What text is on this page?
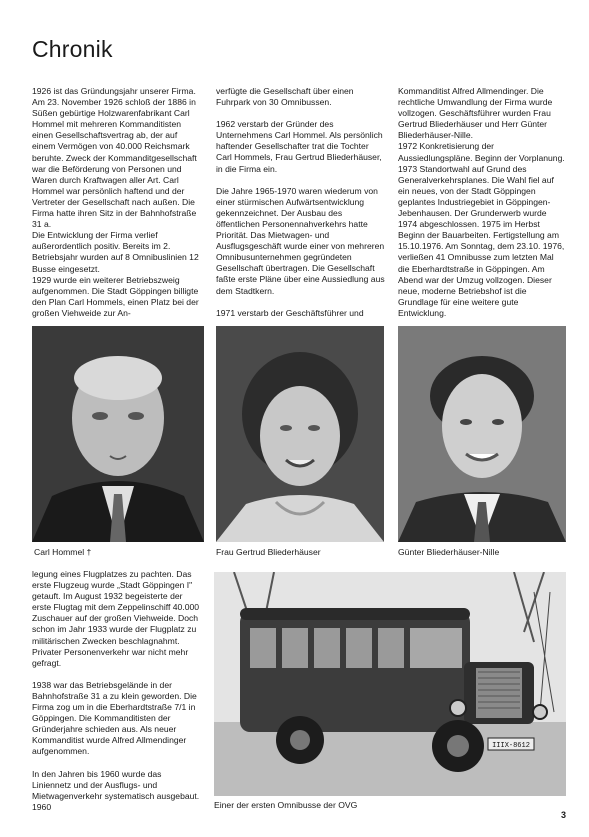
Chronik

1926 ist das Gründungsjahr unserer Firma. Am 23. November 1926 schloß der 1886 in Süßen gebürtige Holzwarenfabrikant Carl Hommel mit mehreren Kommanditisten einen Gesellschaftsvertrag ab, der auf einem Vermögen von 40.000 Reichsmark beruhte. Zweck der Kommanditgesellschaft war die Beförderung von Personen und Waren durch Kraftwagen aller Art. Carl Hommel war persönlich haftend und der Vertreter der Gesellschaft nach außen. Die Firma hatte ihren Sitz in der Bahnhofstraße 31 a.
Die Entwicklung der Firma verlief außerordentlich positiv. Bereits im 2. Betriebsjahr wurden auf 8 Omnibuslinien 12 Busse eingesetzt.
1929 wurde ein weiterer Betriebszweig aufgenommen. Die Stadt Göppingen billigte den Plan Carl Hommels, einen Platz bei der großen Viehweide zur An-

verfügte die Gesellschaft über einen Fuhrpark von 30 Omnibussen.

1962 verstarb der Gründer des Unternehmens Carl Hommel. Als persönlich haftender Gesellschafter trat die Tochter Carl Hommels, Frau Gertrud Bliederhäuser, in die Firma ein.

Die Jahre 1965-1970 waren wiederum von einer stürmischen Aufwärtsentwicklung gekennzeichnet. Der Ausbau des öffentlichen Personennahverkehrs hatte Priorität. Das Mietwagen- und Ausflugsgeschäft wurde einer von mehreren Omnibusunternehmen gegründeten Gesellschaft übertragen. Die Gesellschaft faßte erste Pläne über eine Aussiedlung aus dem Stadtkern.

1971 verstarb der Geschäftsführer und

Kommanditist Alfred Allmendinger. Die rechtliche Umwandlung der Firma wurde vollzogen. Geschäftsführer wurden Frau Gertrud Bliederhäuser und Herr Günter Bliederhäuser-Nille.
1972 Konkretisierung der Aussiedlungspläne. Beginn der Vorplanung. 1973 Standortwahl auf Grund des Generalverkehrsplanes. Die Wahl fiel auf ein neues, von der Stadt Göppingen geplantes Industriegebiet in Göppingen-Jebenhausen. Der Grunderwerb wurde 1974 abgeschlossen. 1975 im Herbst Beginn der Bauarbeiten. Fertigstellung am 15.10.1976. Am Sonntag, dem 23.10. 1976, verließen 41 Omnibusse zum letzten Mal die Eberhardtstraße in Göppingen. Am Abend war der Umzug vollzogen. Dieser neue, moderne Betriebshof ist die Grundlage für eine weitere gute Entwicklung.

Carl Hommel †	Frau Gertrud Bliederhäuser	Günter Bliederhäuser-Nille

legung eines Flugplatzes zu pachten. Das erste Flugzeug wurde „Stadt Göppingen I" getauft. Im August 1932 begeisterte der erste Flugtag mit dem Zeppelinschiff 40.000 Zuschauer auf der großen Viehweide. Doch schon im Jahr 1933 wurde der Flugplatz zu militärischen Zwecken beschlagnahmt. Privater Personenverkehr war nicht mehr gefragt.

1938 war das Betriebsgelände in der Bahnhofstraße 31 a zu klein geworden. Die Firma zog um in die Eberhardtstraße 7/1 in Göppingen. Die Kommanditisten der Gründerjahre schieden aus. Als neuer Kommanditist wurde Alfred Allmendinger aufgenommen.

In den Jahren bis 1960 wurde das Liniennetz und der Ausflugs- und Mietwagenverkehr systematisch ausgebaut. 1960

IIIX-8612
Einer der ersten Omnibusse der OVG
3
